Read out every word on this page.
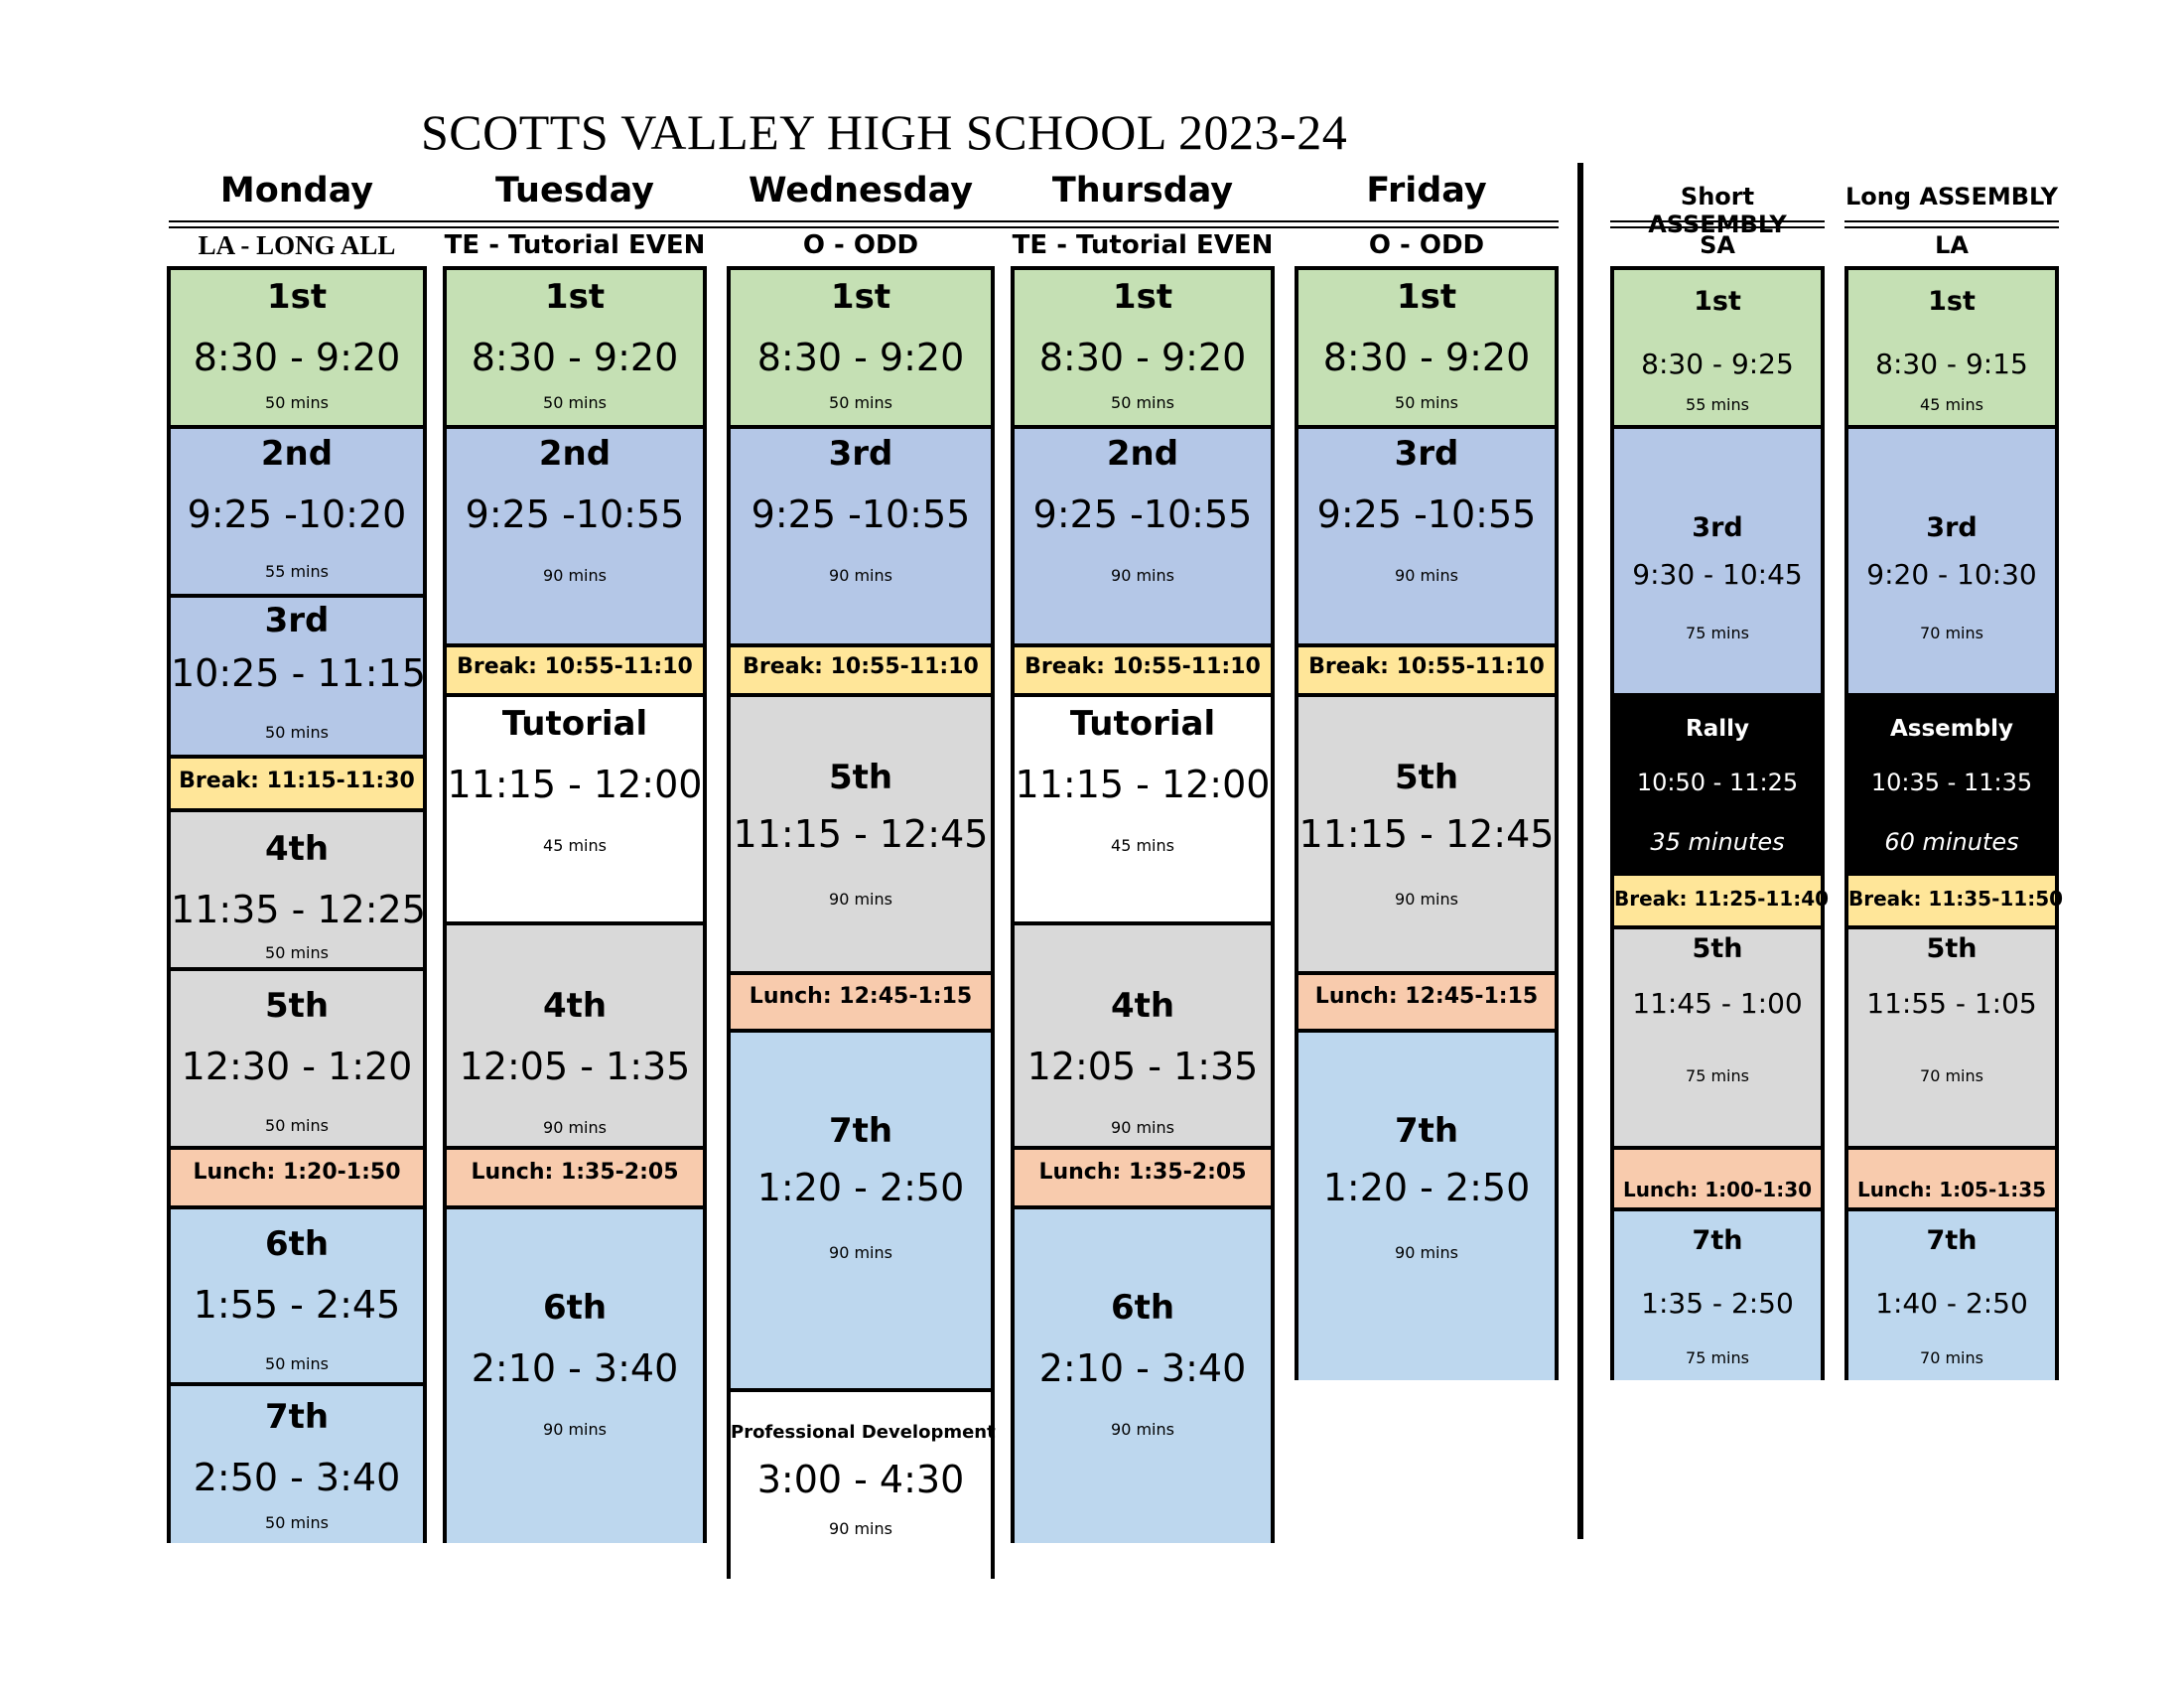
SCOTTS VALLEY HIGH SCHOOL 2023-24
Monday
LA - LONG ALL
1st
8:30 - 9:20
50 mins
2nd
9:25 -10:20
55 mins
3rd
10:25 - 11:15
50 mins
Break: 11:15-11:30
4th
11:35 - 12:25
50 mins
5th
12:30 - 1:20
50 mins
Lunch: 1:20-1:50
6th
1:55 - 2:45
50 mins
7th
2:50 - 3:40
50 mins
Tuesday
TE - Tutorial EVEN
1st
8:30 - 9:20
50 mins
2nd
9:25 -10:55
90 mins
Break: 10:55-11:10
Tutorial
11:15 - 12:00
45 mins
4th
12:05 - 1:35
90 mins
Lunch: 1:35-2:05
6th
2:10 - 3:40
90 mins
Wednesday
O - ODD
1st
8:30 - 9:20
50 mins
3rd
9:25 -10:55
90 mins
Break: 10:55-11:10
5th
11:15 - 12:45
90 mins
Lunch: 12:45-1:15
7th
1:20 - 2:50
90 mins
Professional Development
3:00 - 4:30
90 mins
Thursday
TE - Tutorial EVEN
1st
8:30 - 9:20
50 mins
2nd
9:25 -10:55
90 mins
Break: 10:55-11:10
Tutorial
11:15 - 12:00
45 mins
4th
12:05 - 1:35
90 mins
Lunch: 1:35-2:05
6th
2:10 - 3:40
90 mins
Friday
O - ODD
1st
8:30 - 9:20
50 mins
3rd
9:25 -10:55
90 mins
Break: 10:55-11:10
5th
11:15 - 12:45
90 mins
Lunch: 12:45-1:15
7th
1:20 - 2:50
90 mins
Short ASSEMBLY
SA
1st
8:30 - 9:25
55 mins
3rd
9:30 - 10:45
75 mins
Rally
10:50 - 11:25
35 minutes
Break: 11:25-11:40
5th
11:45 - 1:00
75 mins
Lunch: 1:00-1:30
7th
1:35 - 2:50
75 mins
Long ASSEMBLY
LA
1st
8:30 - 9:15
45 mins
3rd
9:20 - 10:30
70 mins
Assembly
10:35 - 11:35
60 minutes
Break: 11:35-11:50
5th
11:55 - 1:05
70 mins
Lunch: 1:05-1:35
7th
1:40 - 2:50
70 mins
